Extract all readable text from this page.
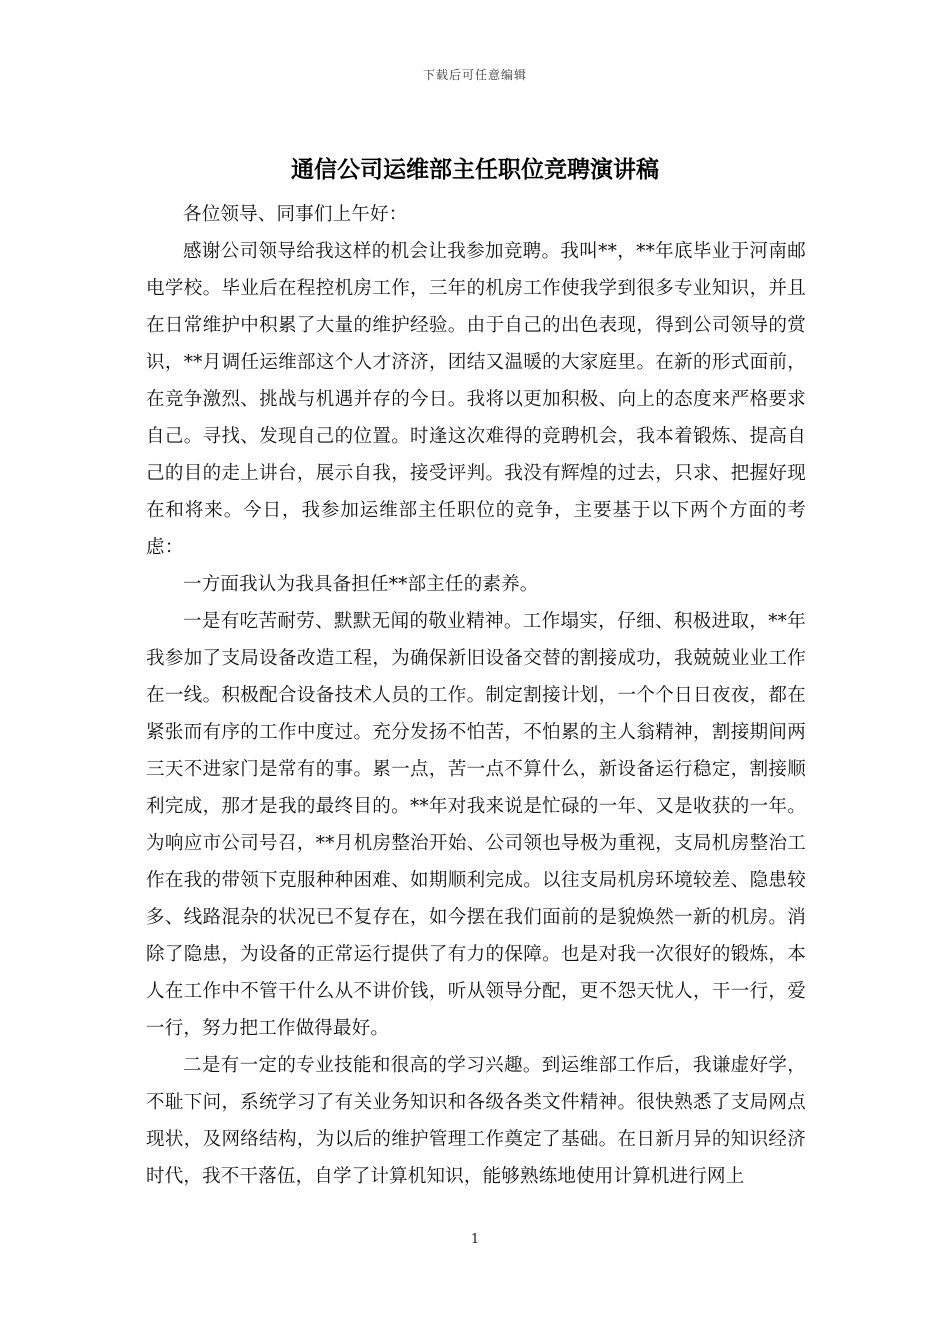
下载后可任意编辑
通信公司运维部主任职位竞聘演讲稿

各位领导、同事们上午好：

感谢公司领导给我这样的机会让我参加竞聘。我叫**，**年底毕业于河南邮电学校。毕业后在程控机房工作，三年的机房工作使我学到很多专业知识，并且在日常维护中积累了大量的维护经验。由于自己的出色表现，得到公司领导的赏识，**月调任运维部这个人才济济，团结又温暖的大家庭里。在新的形式面前，在竞争激烈、挑战与机遇并存的今日。我将以更加积极、向上的态度来严格要求自己。寻找、发现自己的位置。时逢这次难得的竞聘机会，我本着锻炼、提高自己的目的走上讲台，展示自我，接受评判。我没有辉煌的过去，只求、把握好现在和将来。今日，我参加运维部主任职位的竞争，主要基于以下两个方面的考虑：

一方面我认为我具备担任**部主任的素养。

一是有吃苦耐劳、默默无闻的敬业精神。工作塌实，仔细、积极进取，**年我参加了支局设备改造工程，为确保新旧设备交替的割接成功，我兢兢业业工作在一线。积极配合设备技术人员的工作。制定割接计划，一个个日日夜夜，都在紧张而有序的工作中度过。充分发扬不怕苦，不怕累的主人翁精神，割接期间两三天不进家门是常有的事。累一点，苦一点不算什么，新设备运行稳定，割接顺利完成，那才是我的最终目的。**年对我来说是忙碌的一年、又是收获的一年。为响应市公司号召，**月机房整治开始、公司领也导极为重视，支局机房整治工作在我的带领下克服种种困难、如期顺利完成。以往支局机房环境较差、隐患较多、线路混杂的状况已不复存在，如今摆在我们面前的是貌焕然一新的机房。消除了隐患，为设备的正常运行提供了有力的保障。也是对我一次很好的锻炼，本人在工作中不管干什么从不讲价钱，听从领导分配，更不怨天忧人，干一行，爱一行，努力把工作做得最好。

二是有一定的专业技能和很高的学习兴趣。到运维部工作后，我谦虚好学，不耻下问，系统学习了有关业务知识和各级各类文件精神。很快熟悉了支局网点现状，及网络结构，为以后的维护管理工作奠定了基础。在日新月异的知识经济时代，我不干落伍，自学了计算机知识，能够熟练地使用计算机进行网上

1
